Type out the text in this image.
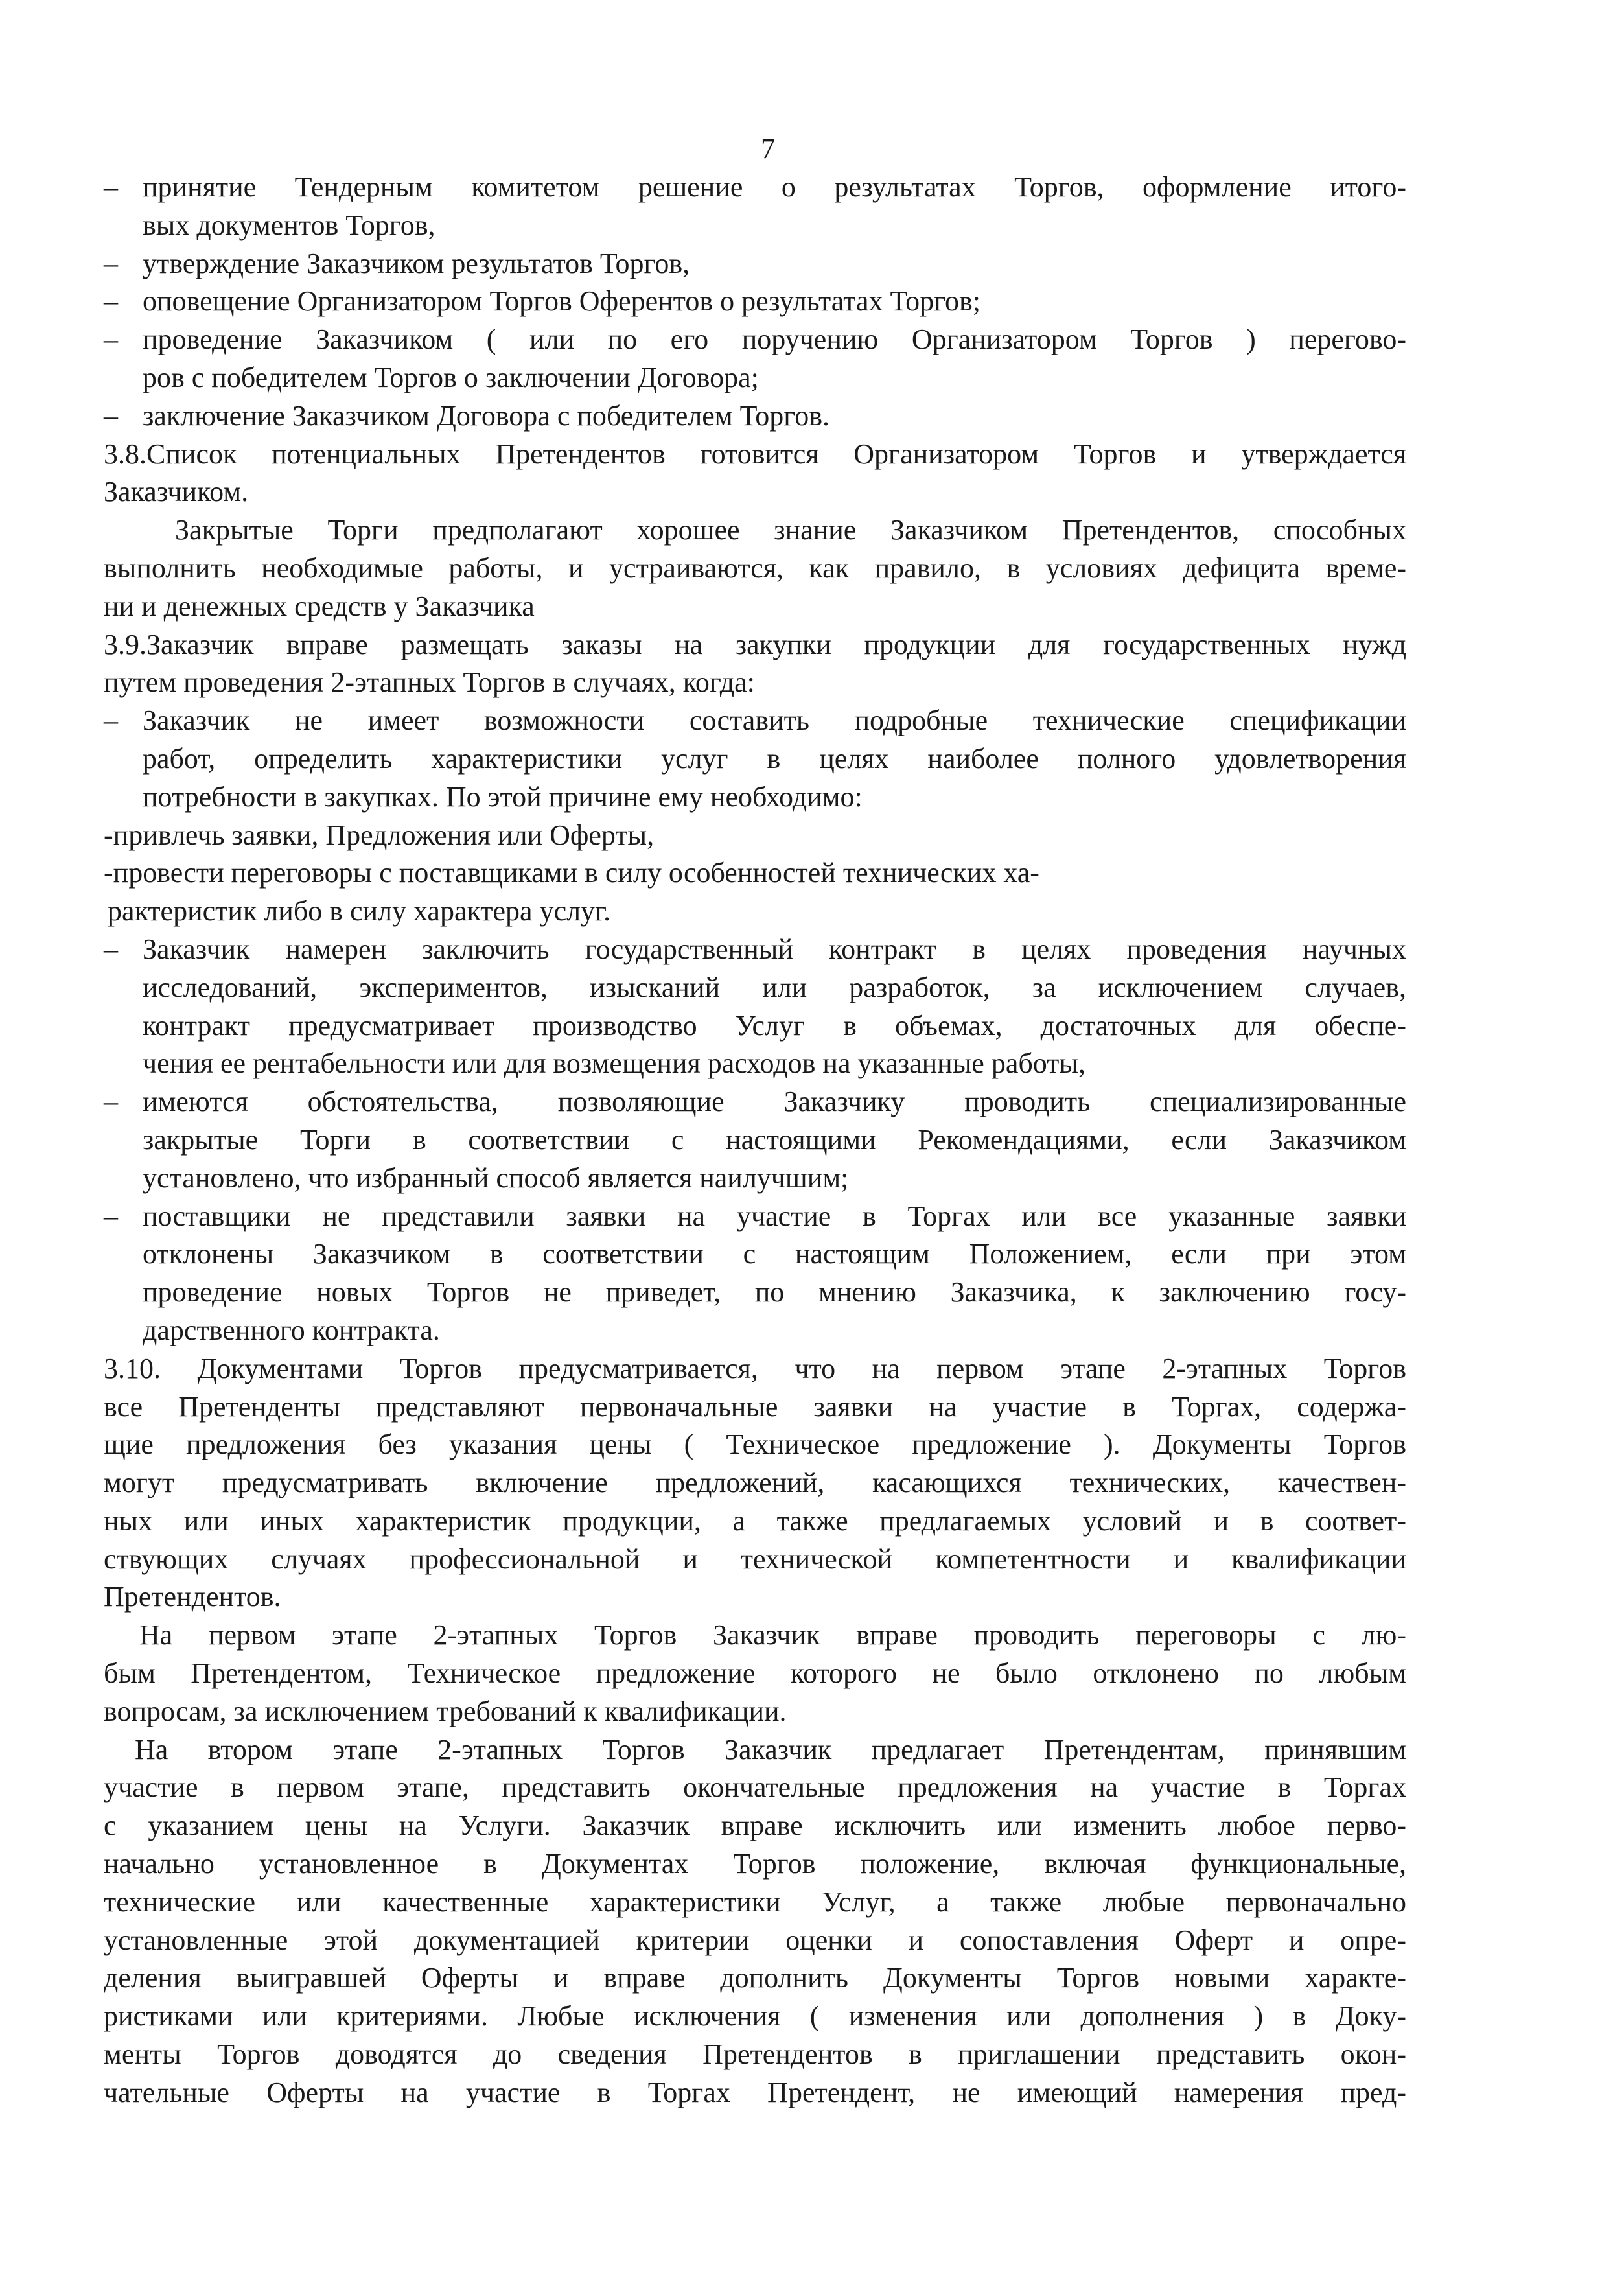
7
– принятие Тендерным комитетом решение о результатах Торгов, оформление итого-
вых документов Торгов,
– утверждение Заказчиком результатов Торгов,
– оповещение Организатором Торгов Оферентов о результатах Торгов;
– проведение Заказчиком ( или по его поручению Организатором Торгов ) перегово-
ров с победителем Торгов о заключении Договора;
– заключение Заказчиком Договора с победителем Торгов.
3.8.Список потенциальных Претендентов готовится Организатором Торгов и утверждается
Заказчиком.
Закрытые Торги предполагают хорошее знание Заказчиком Претендентов, способных
выполнить необходимые работы, и устраиваются, как правило, в условиях дефицита време-
ни и денежных средств у Заказчика
3.9.Заказчик вправе размещать заказы на закупки продукции для государственных нужд
путем проведения 2-этапных Торгов в случаях, когда:
– Заказчик не имеет возможности составить подробные технические спецификации
работ, определить характеристики услуг в целях наиболее полного удовлетворения
потребности в закупках. По этой причине ему необходимо:
-привлечь заявки, Предложения или Оферты,
-провести переговоры с поставщиками в силу особенностей технических ха-
рактеристик либо в силу характера услуг.
– Заказчик намерен заключить государственный контракт в целях проведения научных
исследований, экспериментов, изысканий или разработок, за исключением случаев,
контракт предусматривает производство Услуг в объемах, достаточных для обеспе-
чения ее рентабельности или для возмещения расходов на указанные работы,
– имеются обстоятельства, позволяющие Заказчику проводить специализированные
закрытые Торги в соответствии с настоящими Рекомендациями, если Заказчиком
установлено, что избранный способ является наилучшим;
– поставщики не представили заявки на участие в Торгах или все указанные заявки
отклонены Заказчиком в соответствии с настоящим Положением, если при этом
проведение новых Торгов не приведет, по мнению Заказчика, к заключению госу-
дарственного контракта.
3.10. Документами Торгов предусматривается, что на первом этапе 2-этапных Торгов
все Претенденты представляют первоначальные заявки на участие в Торгах, содержа-
щие предложения без указания цены ( Техническое предложение ). Документы Торгов
могут предусматривать включение предложений, касающихся технических, качествен-
ных или иных характеристик продукции, а также предлагаемых условий и в соответ-
ствующих случаях профессиональной и технической компетентности и квалификации
Претендентов.
На первом этапе 2-этапных Торгов Заказчик вправе проводить переговоры с лю-
бым Претендентом, Техническое предложение которого не было отклонено по любым
вопросам, за исключением требований к квалификации.
На втором этапе 2-этапных Торгов Заказчик предлагает Претендентам, принявшим
участие в первом этапе, представить окончательные предложения на участие в Торгах
с указанием цены на Услуги. Заказчик вправе исключить или изменить любое перво-
начально установленное в Документах Торгов положение, включая функциональные,
технические или качественные характеристики Услуг, а также любые первоначально
установленные этой документацией критерии оценки и сопоставления Оферт и опре-
деления выигравшей Оферты и вправе дополнить Документы Торгов новыми характе-
ристиками или критериями. Любые исключения ( изменения или дополнения ) в Доку-
менты Торгов доводятся до сведения Претендентов в приглашении представить окон-
чательные Оферты на участие в Торгах Претендент, не имеющий намерения пред-
